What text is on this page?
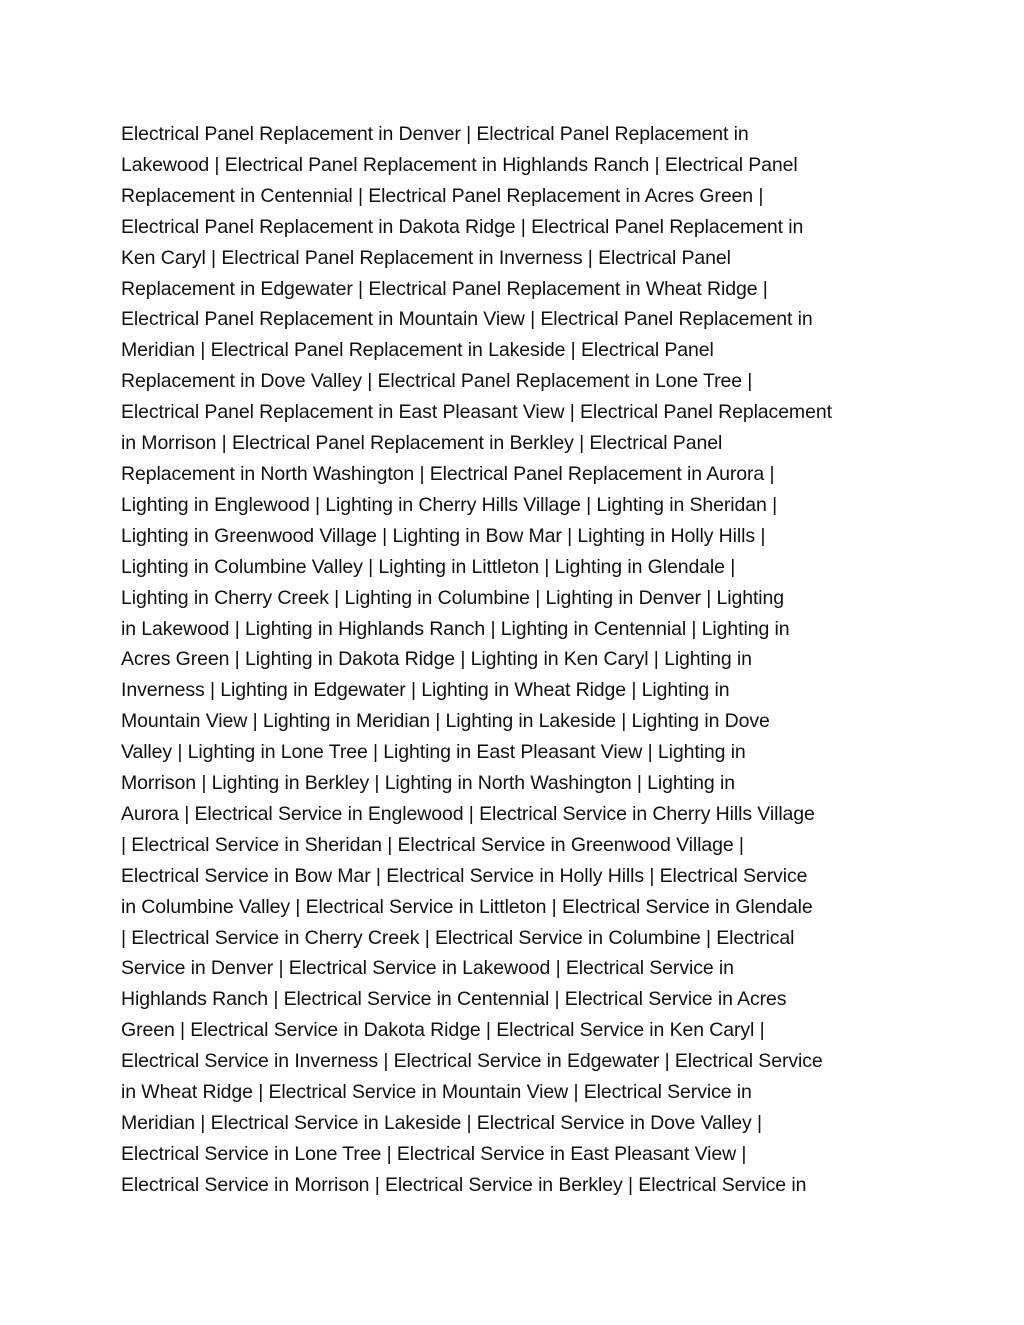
Electrical Panel Replacement in Denver | Electrical Panel Replacement in
Lakewood | Electrical Panel Replacement in Highlands Ranch | Electrical Panel
Replacement in Centennial | Electrical Panel Replacement in Acres Green |
Electrical Panel Replacement in Dakota Ridge | Electrical Panel Replacement in
Ken Caryl | Electrical Panel Replacement in Inverness | Electrical Panel
Replacement in Edgewater | Electrical Panel Replacement in Wheat Ridge |
Electrical Panel Replacement in Mountain View | Electrical Panel Replacement in
Meridian | Electrical Panel Replacement in Lakeside | Electrical Panel
Replacement in Dove Valley | Electrical Panel Replacement in Lone Tree |
Electrical Panel Replacement in East Pleasant View | Electrical Panel Replacement
in Morrison | Electrical Panel Replacement in Berkley | Electrical Panel
Replacement in North Washington | Electrical Panel Replacement in Aurora |
Lighting in Englewood | Lighting in Cherry Hills Village | Lighting in Sheridan |
Lighting in Greenwood Village | Lighting in Bow Mar | Lighting in Holly Hills |
Lighting in Columbine Valley | Lighting in Littleton | Lighting in Glendale |
Lighting in Cherry Creek | Lighting in Columbine | Lighting in Denver | Lighting
in Lakewood | Lighting in Highlands Ranch | Lighting in Centennial | Lighting in
Acres Green | Lighting in Dakota Ridge | Lighting in Ken Caryl | Lighting in
Inverness | Lighting in Edgewater | Lighting in Wheat Ridge | Lighting in
Mountain View | Lighting in Meridian | Lighting in Lakeside | Lighting in Dove
Valley | Lighting in Lone Tree | Lighting in East Pleasant View | Lighting in
Morrison | Lighting in Berkley | Lighting in North Washington | Lighting in
Aurora | Electrical Service in Englewood | Electrical Service in Cherry Hills Village
| Electrical Service in Sheridan | Electrical Service in Greenwood Village |
Electrical Service in Bow Mar | Electrical Service in Holly Hills | Electrical Service
in Columbine Valley | Electrical Service in Littleton | Electrical Service in Glendale
| Electrical Service in Cherry Creek | Electrical Service in Columbine | Electrical
Service in Denver | Electrical Service in Lakewood | Electrical Service in
Highlands Ranch | Electrical Service in Centennial | Electrical Service in Acres
Green | Electrical Service in Dakota Ridge | Electrical Service in Ken Caryl |
Electrical Service in Inverness | Electrical Service in Edgewater | Electrical Service
in Wheat Ridge | Electrical Service in Mountain View | Electrical Service in
Meridian | Electrical Service in Lakeside | Electrical Service in Dove Valley |
Electrical Service in Lone Tree | Electrical Service in East Pleasant View |
Electrical Service in Morrison | Electrical Service in Berkley | Electrical Service in
